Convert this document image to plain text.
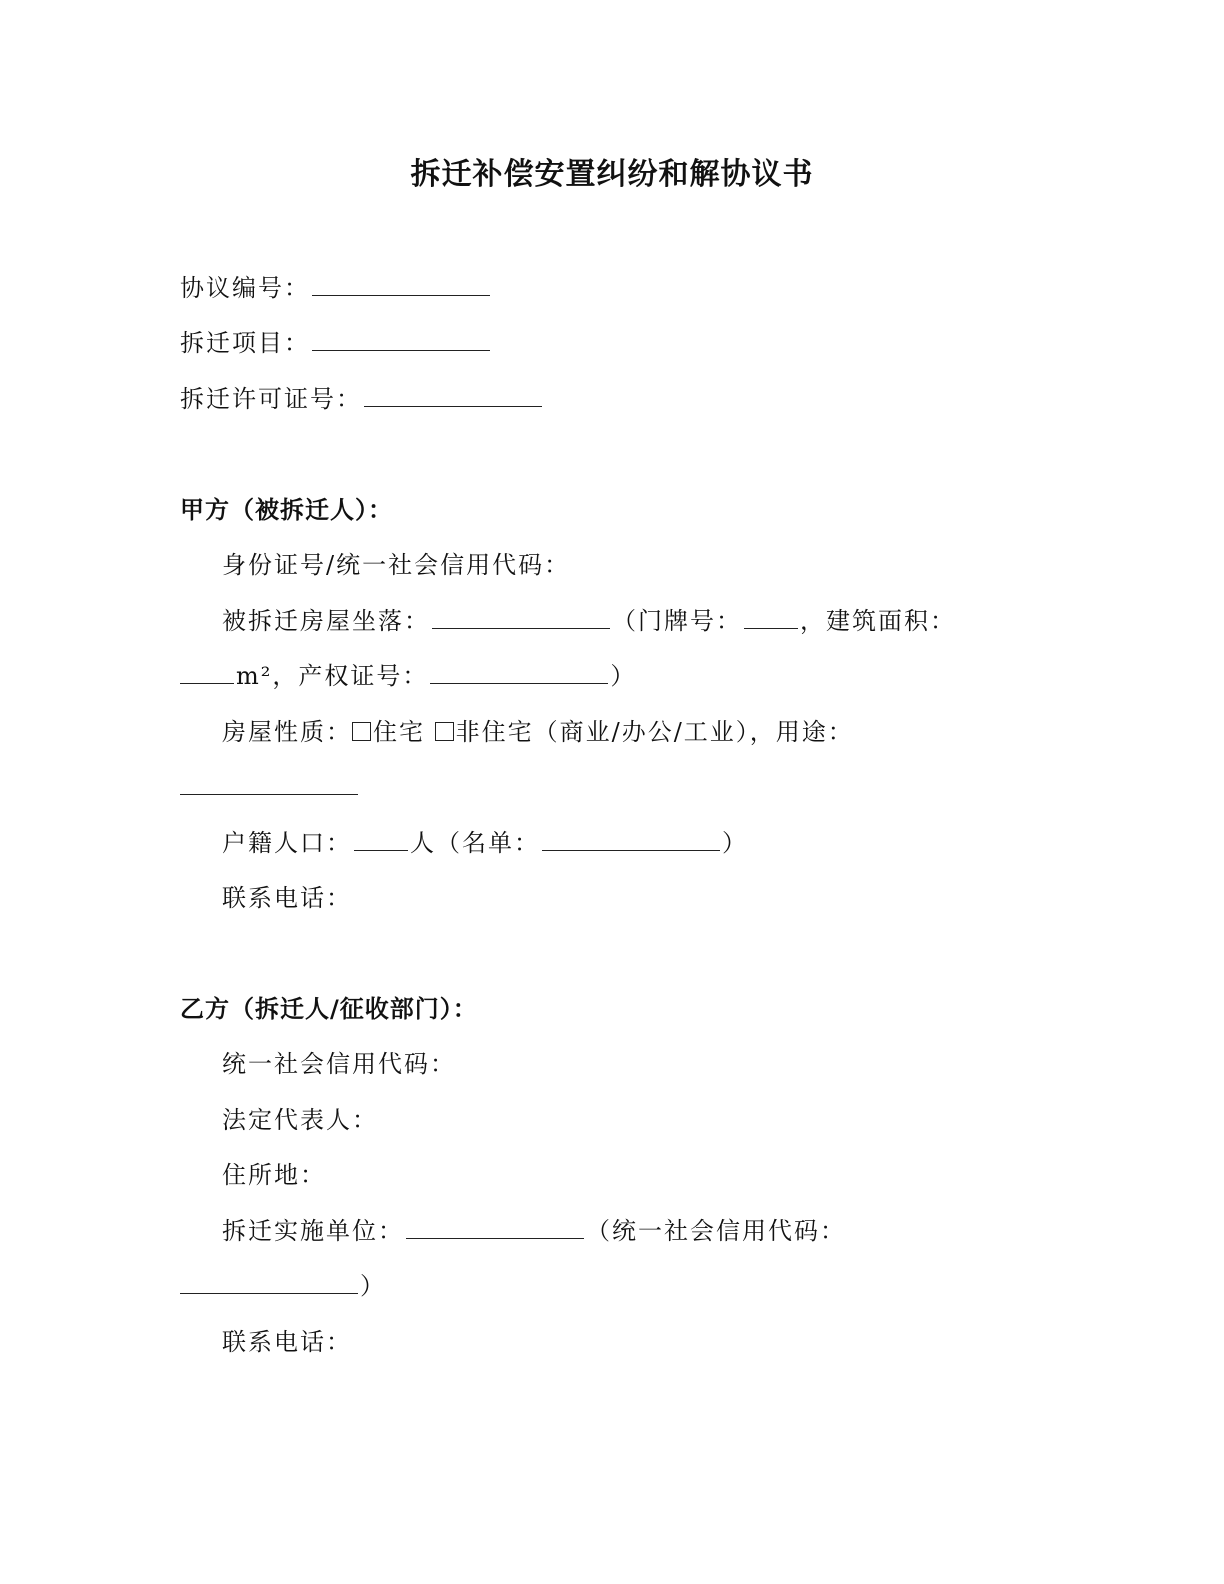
拆迁补偿安置纠纷和解协议书
协议编号：
拆迁项目：
拆迁许可证号：
甲方（被拆迁人）：
身份证号/统一社会信用代码：
被拆迁房屋坐落：	（门牌号： ，建筑面积：
m²，产权证号：	）
房屋性质： 住宅 非住宅（商业/办公/工业），用途：
户籍人口： 人（名单：	）
联系电话：
乙方（拆迁人/征收部门）：
统一社会信用代码：
法定代表人：
住所地：
拆迁实施单位：	（统一社会信用代码：
）
联系电话：
